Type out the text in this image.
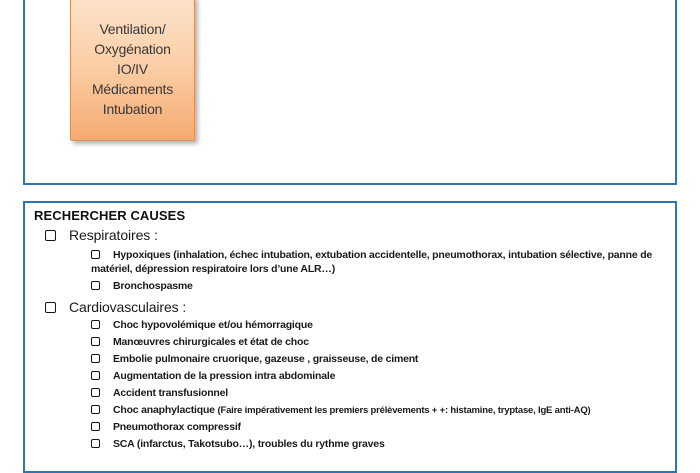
Ventilation/
Oxygénation
IO/IV
Médicaments
Intubation
RECHERCHER CAUSES
Respiratoires :
Hypoxiques (inhalation, échec intubation, extubation accidentelle, pneumothorax, intubation sélective, panne de matériel, dépression respiratoire lors d’une ALR…)
Bronchospasme
Cardiovasculaires :
Choc hypovolémique et/ou hémorragique
Manœuvres chirurgicales et état de choc
Embolie pulmonaire cruorique, gazeuse , graisseuse, de ciment
Augmentation de la pression intra abdominale
Accident transfusionnel
Choc anaphylactique (Faire impérativement les premiers prélèvements + +: histamine, tryptase, IgE anti-AQ)
Pneumothorax compressif
SCA (infarctus, Takotsubo…), troubles du rythme graves
